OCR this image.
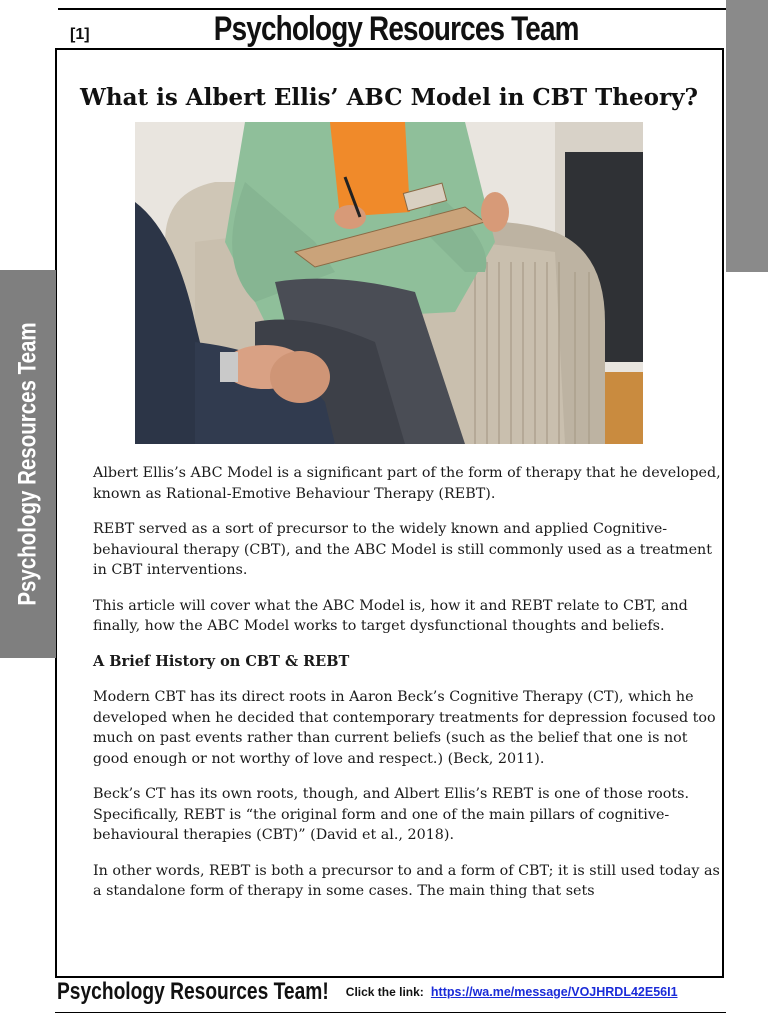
[1]	Psychology Resources Team
Psychology Resources Team
What is Albert Ellis’ ABC Model in CBT Theory?

Albert Ellis’s ABC Model is a significant part of the form of therapy that he developed, known as Rational-Emotive Behaviour Therapy (REBT).

REBT served as a sort of precursor to the widely known and applied Cognitive-behavioural therapy (CBT), and the ABC Model is still commonly used as a treatment in CBT interventions.

This article will cover what the ABC Model is, how it and REBT relate to CBT, and finally, how the ABC Model works to target dysfunctional thoughts and beliefs.

A Brief History on CBT & REBT

Modern CBT has its direct roots in Aaron Beck’s Cognitive Therapy (CT), which he developed when he decided that contemporary treatments for depression focused too much on past events rather than current beliefs (such as the belief that one is not good enough or not worthy of love and respect.) (Beck, 2011).

Beck’s CT has its own roots, though, and Albert Ellis’s REBT is one of those roots. Specifically, REBT is “the original form and one of the main pillars of cognitive-behavioural therapies (CBT)” (David et al., 2018).

In other words, REBT is both a precursor to and a form of CBT; it is still used today as a standalone form of therapy in some cases. The main thing that sets

Psychology Resources Team! Click the link: https://wa.me/message/VOJHRDL42E56I1
